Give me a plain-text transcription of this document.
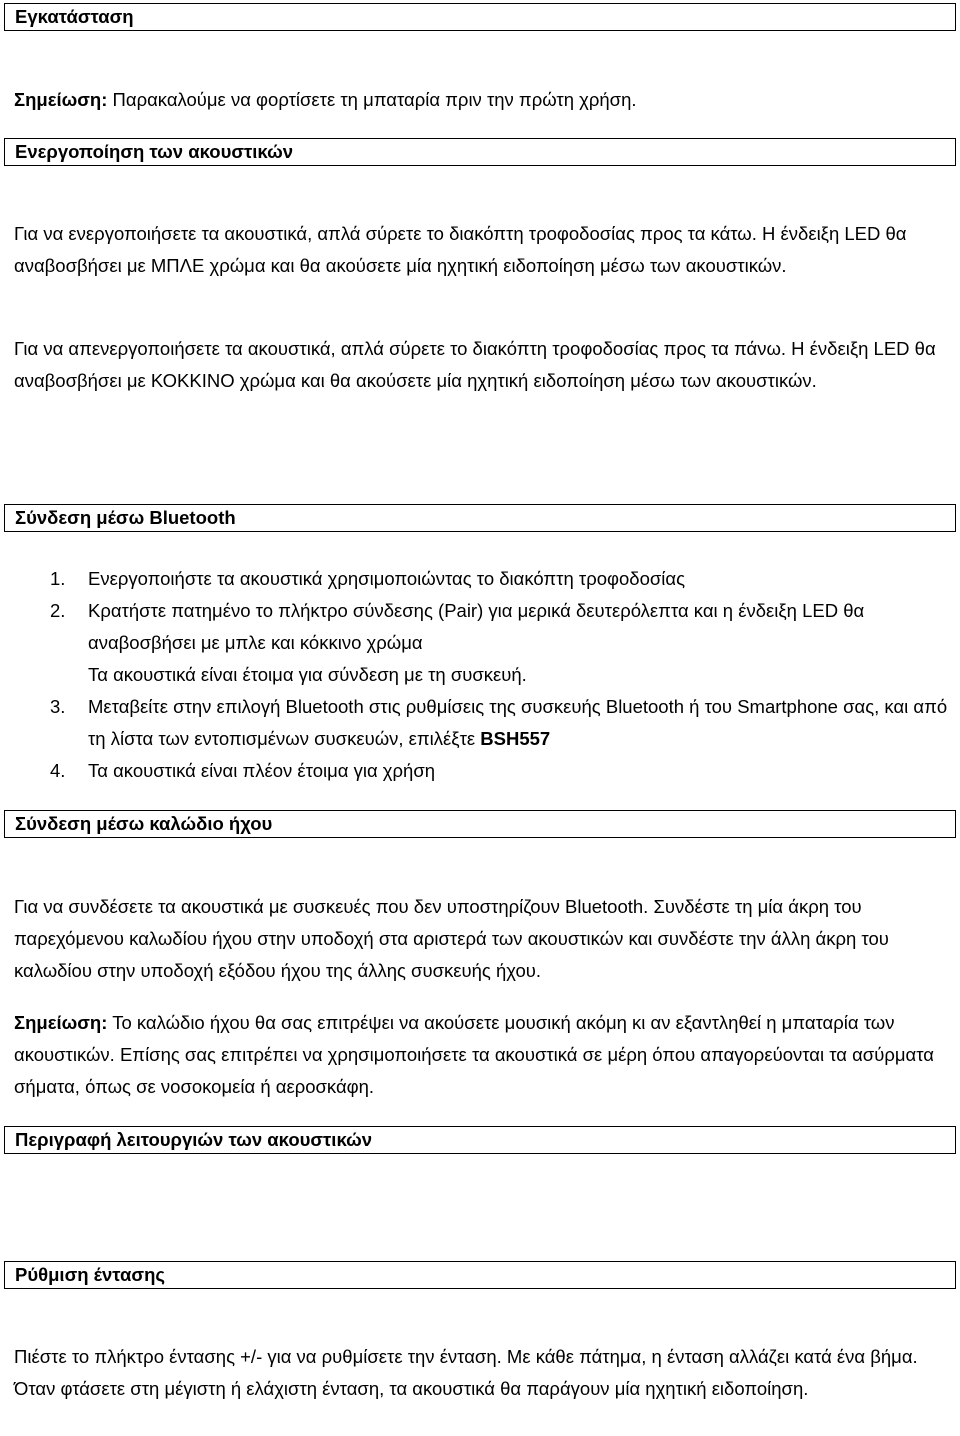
Εγκατάσταση

Σημείωση: Παρακαλούμε να φορτίσετε τη μπαταρία πριν την πρώτη χρήση.

Ενεργοποίηση των ακουστικών

Για να ενεργοποιήσετε τα ακουστικά, απλά σύρετε το διακόπτη τροφοδοσίας προς τα κάτω. Η ένδειξη LED θα αναβοσβήσει με ΜΠΛΕ χρώμα και θα ακούσετε μία ηχητική ειδοποίηση μέσω των ακουστικών.

Για να απενεργοποιήσετε τα ακουστικά, απλά σύρετε το διακόπτη τροφοδοσίας προς τα πάνω. Η ένδειξη LED θα αναβοσβήσει με ΚΟΚΚΙΝΟ χρώμα και θα ακούσετε μία ηχητική ειδοποίηση μέσω των ακουστικών.

Σύνδεση μέσω Bluetooth
1. Ενεργοποιήστε τα ακουστικά χρησιμοποιώντας το διακόπτη τροφοδοσίας
2. Κρατήστε πατημένο το πλήκτρο σύνδεσης (Pair) για μερικά δευτερόλεπτα και η ένδειξη LED θα αναβοσβήσει με μπλε και κόκκινο χρώμα
Τα ακουστικά είναι έτοιμα για σύνδεση με τη συσκευή.
3. Μεταβείτε στην επιλογή Bluetooth στις ρυθμίσεις της συσκευής Bluetooth ή του Smartphone σας, και από τη λίστα των εντοπισμένων συσκευών, επιλέξτε BSH557
4. Τα ακουστικά είναι πλέον έτοιμα για χρήση
Σύνδεση μέσω καλώδιο ήχου

Για να συνδέσετε τα ακουστικά με συσκευές που δεν υποστηρίζουν Bluetooth. Συνδέστε τη μία άκρη του παρεχόμενου καλωδίου ήχου στην υποδοχή στα αριστερά των ακουστικών και συνδέστε την άλλη άκρη του καλωδίου στην υποδοχή εξόδου ήχου της άλλης συσκευής ήχου.

Σημείωση: Το καλώδιο ήχου θα σας επιτρέψει να ακούσετε μουσική ακόμη κι αν εξαντληθεί η μπαταρία των ακουστικών. Επίσης σας επιτρέπει να χρησιμοποιήσετε τα ακουστικά σε μέρη όπου απαγορεύονται τα ασύρματα σήματα, όπως σε νοσοκομεία ή αεροσκάφη.

Περιγραφή λειτουργιών των ακουστικών
Ρύθμιση έντασης

Πιέστε το πλήκτρο έντασης +/- για να ρυθμίσετε την ένταση. Με κάθε πάτημα, η ένταση αλλάζει κατά ένα βήμα. Όταν φτάσετε στη μέγιστη ή ελάχιστη ένταση, τα ακουστικά θα παράγουν μία ηχητική ειδοποίηση.
